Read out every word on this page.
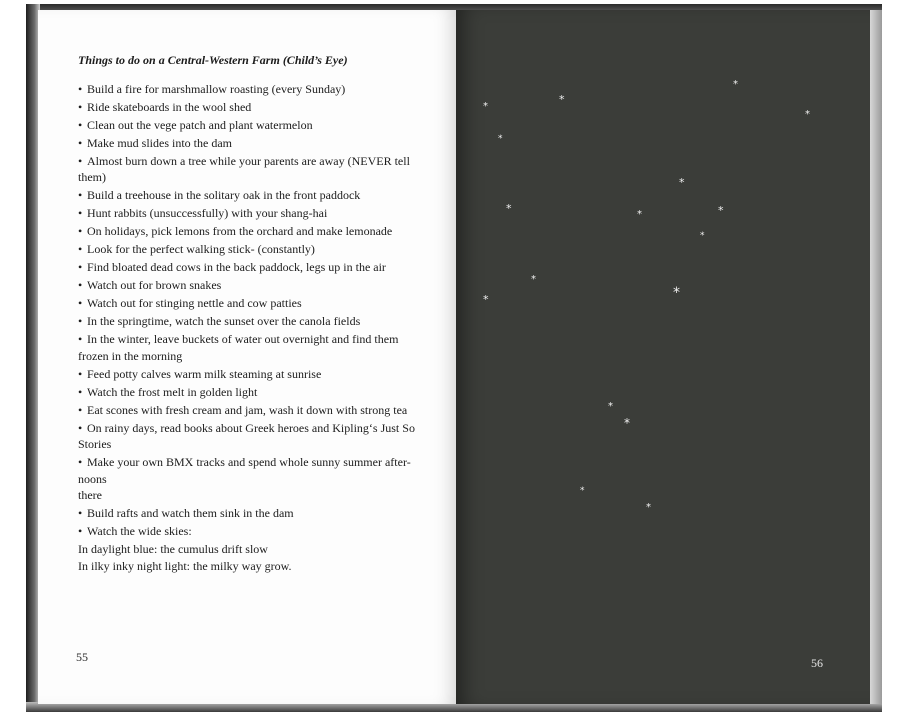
Things to do on a Central-Western Farm (Child’s Eye)
• Build a fire for marshmallow roasting (every Sunday)
• Ride skateboards in the wool shed
• Clean out the vege patch and plant watermelon
• Make mud slides into the dam
• Almost burn down a tree while your parents are away (NEVER tell
them)
• Build a treehouse in the solitary oak in the front paddock
• Hunt rabbits (unsuccessfully) with your shang-hai
• On holidays, pick lemons from the orchard and make lemonade
• Look for the perfect walking stick- (constantly)
• Find bloated dead cows in the back paddock, legs up in the air
• Watch out for brown snakes
• Watch out for stinging nettle and cow patties
• In the springtime, watch the sunset over the canola fields
• In the winter, leave buckets of water out overnight and find them
frozen in the morning
• Feed potty calves warm milk steaming at sunrise
• Watch the frost melt in golden light
• Eat scones with fresh cream and jam, wash it down with strong tea
• On rainy days, read books about Greek heroes and Kipling‘s Just So
Stories
• Make your own BMX tracks and spend whole sunny summer after-
noons
there
• Build rafts and watch them sink in the dam
• Watch the wide skies:
In daylight blue: the cumulus drift slow
In ilky inky night light: the milky way grow.
55	56
*
*
*
*
*
*
*	*	*
*
*
*	*
*
*
*
*
